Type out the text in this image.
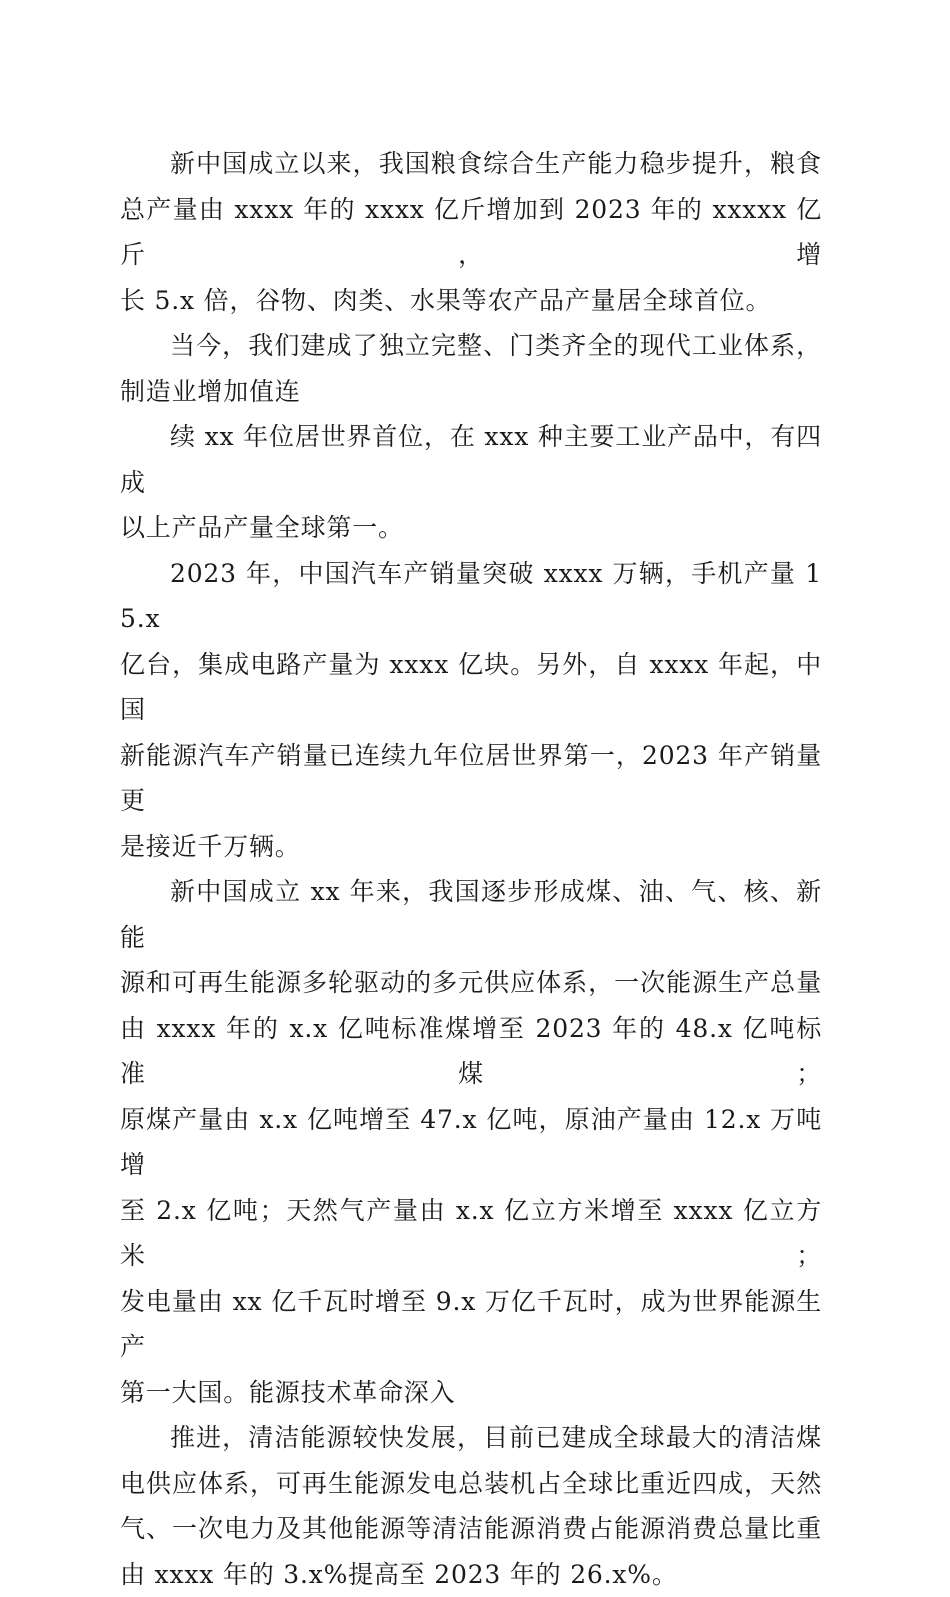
新中国成立以来，我国粮食综合生产能力稳步提升，粮食
总产量由 xxxx 年的 xxxx 亿斤增加到 2023 年的 xxxxx 亿斤，增
长 5.x 倍，谷物、肉类、水果等农产品产量居全球首位。

当今，我们建成了独立完整、门类齐全的现代工业体系，
制造业增加值连

续 xx 年位居世界首位，在 xxx 种主要工业产品中，有四成
以上产品产量全球第一。

2023 年，中国汽车产销量突破 xxxx 万辆，手机产量 15.x
亿台，集成电路产量为 xxxx 亿块。另外，自 xxxx 年起，中国
新能源汽车产销量已连续九年位居世界第一，2023 年产销量更
是接近千万辆。

新中国成立 xx 年来，我国逐步形成煤、油、气、核、新能
源和可再生能源多轮驱动的多元供应体系，一次能源生产总量
由 xxxx 年的 x.x 亿吨标准煤增至 2023 年的 48.x 亿吨标准煤；
原煤产量由 x.x 亿吨增至 47.x 亿吨，原油产量由 12.x 万吨增
至 2.x 亿吨；天然气产量由 x.x 亿立方米增至 xxxx 亿立方米；
发电量由 xx 亿千瓦时增至 9.x 万亿千瓦时，成为世界能源生产
第一大国。能源技术革命深入

推进，清洁能源较快发展，目前已建成全球最大的清洁煤
电供应体系，可再生能源发电总装机占全球比重近四成，天然
气、一次电力及其他能源等清洁能源消费占能源消费总量比重
由 xxxx 年的 3.x%提高至 2023 年的 26.x%。
